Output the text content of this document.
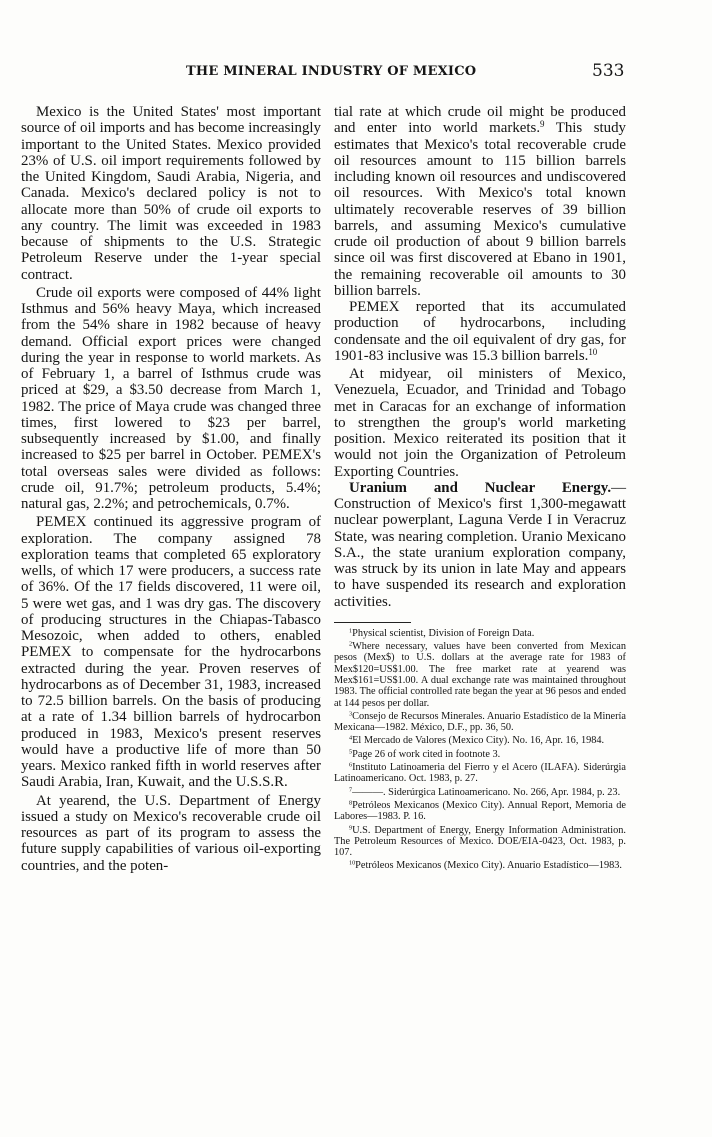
THE MINERAL INDUSTRY OF MEXICO	533

Mexico is the United States' most important source of oil imports and has become increasingly important to the United States. Mexico provided 23% of U.S. oil import requirements followed by the United Kingdom, Saudi Arabia, Nigeria, and Canada. Mexico's declared policy is not to allocate more than 50% of crude oil exports to any country. The limit was exceeded in 1983 because of shipments to the U.S. Strategic Petroleum Reserve under the 1-year special contract.

Crude oil exports were composed of 44% light Isthmus and 56% heavy Maya, which increased from the 54% share in 1982 because of heavy demand. Official export prices were changed during the year in response to world markets. As of February 1, a barrel of Isthmus crude was priced at $29, a $3.50 decrease from March 1, 1982. The price of Maya crude was changed three times, first lowered to $23 per barrel, subsequently increased by $1.00, and finally increased to $25 per barrel in October. PEMEX's total overseas sales were divided as follows: crude oil, 91.7%; petroleum products, 5.4%; natural gas, 2.2%; and petrochemicals, 0.7%.

PEMEX continued its aggressive program of exploration. The company assigned 78 exploration teams that completed 65 exploratory wells, of which 17 were producers, a success rate of 36%. Of the 17 fields discovered, 11 were oil, 5 were wet gas, and 1 was dry gas. The discovery of producing structures in the Chiapas-Tabasco Mesozoic, when added to others, enabled PEMEX to compensate for the hydrocarbons extracted during the year. Proven reserves of hydrocarbons as of December 31, 1983, increased to 72.5 billion barrels. On the basis of producing at a rate of 1.34 billion barrels of hydrocarbon produced in 1983, Mexico's present reserves would have a productive life of more than 50 years. Mexico ranked fifth in world reserves after Saudi Arabia, Iran, Kuwait, and the U.S.S.R.

At yearend, the U.S. Department of Energy issued a study on Mexico's recoverable crude oil resources as part of its program to assess the future supply capabilities of various oil-exporting countries, and the poten-

tial rate at which crude oil might be produced and enter into world markets.$^9$ This study estimates that Mexico's total recoverable crude oil resources amount to 115 billion barrels including known oil resources and undiscovered oil resources. With Mexico's total known ultimately recoverable reserves of 39 billion barrels, and assuming Mexico's cumulative crude oil production of about 9 billion barrels since oil was first discovered at Ebano in 1901, the remaining recoverable oil amounts to 30 billion barrels.

PEMEX reported that its accumulated production of hydrocarbons, including condensate and the oil equivalent of dry gas, for 1901-83 inclusive was 15.3 billion barrels.$^{10}$

At midyear, oil ministers of Mexico, Venezuela, Ecuador, and Trinidad and Tobago met in Caracas for an exchange of information to strengthen the group's world marketing position. Mexico reiterated its position that it would not join the Organization of Petroleum Exporting Countries.

Uranium and Nuclear Energy.—Construction of Mexico's first 1,300-megawatt nuclear powerplant, Laguna Verde I in Veracruz State, was nearing completion. Uranio Mexicano S.A., the state uranium exploration company, was struck by its union in late May and appears to have suspended its research and exploration activities.

$^1$Physical scientist, Division of Foreign Data.

$^2$Where necessary, values have been converted from Mexican pesos (Mex$) to U.S. dollars at the average rate for 1983 of Mex$120=US$1.00. The free market rate at yearend was Mex$161=US$1.00. A dual exchange rate was maintained throughout 1983. The official controlled rate began the year at 96 pesos and ended at 144 pesos per dollar.

$^3$Consejo de Recursos Minerales. Anuario Estadístico de la Minería Mexicana—1982. México, D.F., pp. 36, 50.

$^4$El Mercado de Valores (Mexico City). No. 16, Apr. 16, 1984.

$^5$Page 26 of work cited in footnote 3.

$^6$Instituto Latinoameria del Fierro y el Acero (ILAFA). Siderúrgia Latinoamericano. Oct. 1983, p. 27.

$^7$———. Siderúrgica Latinoamericano. No. 266, Apr. 1984, p. 23.

$^8$Petróleos Mexicanos (Mexico City). Annual Report, Memoria de Labores—1983. P. 16.

$^9$U.S. Department of Energy, Energy Information Administration. The Petroleum Resources of Mexico. DOE/EIA-0423, Oct. 1983, p. 107.

$^{10}$Petróleos Mexicanos (Mexico City). Anuario Estadístico—1983.
